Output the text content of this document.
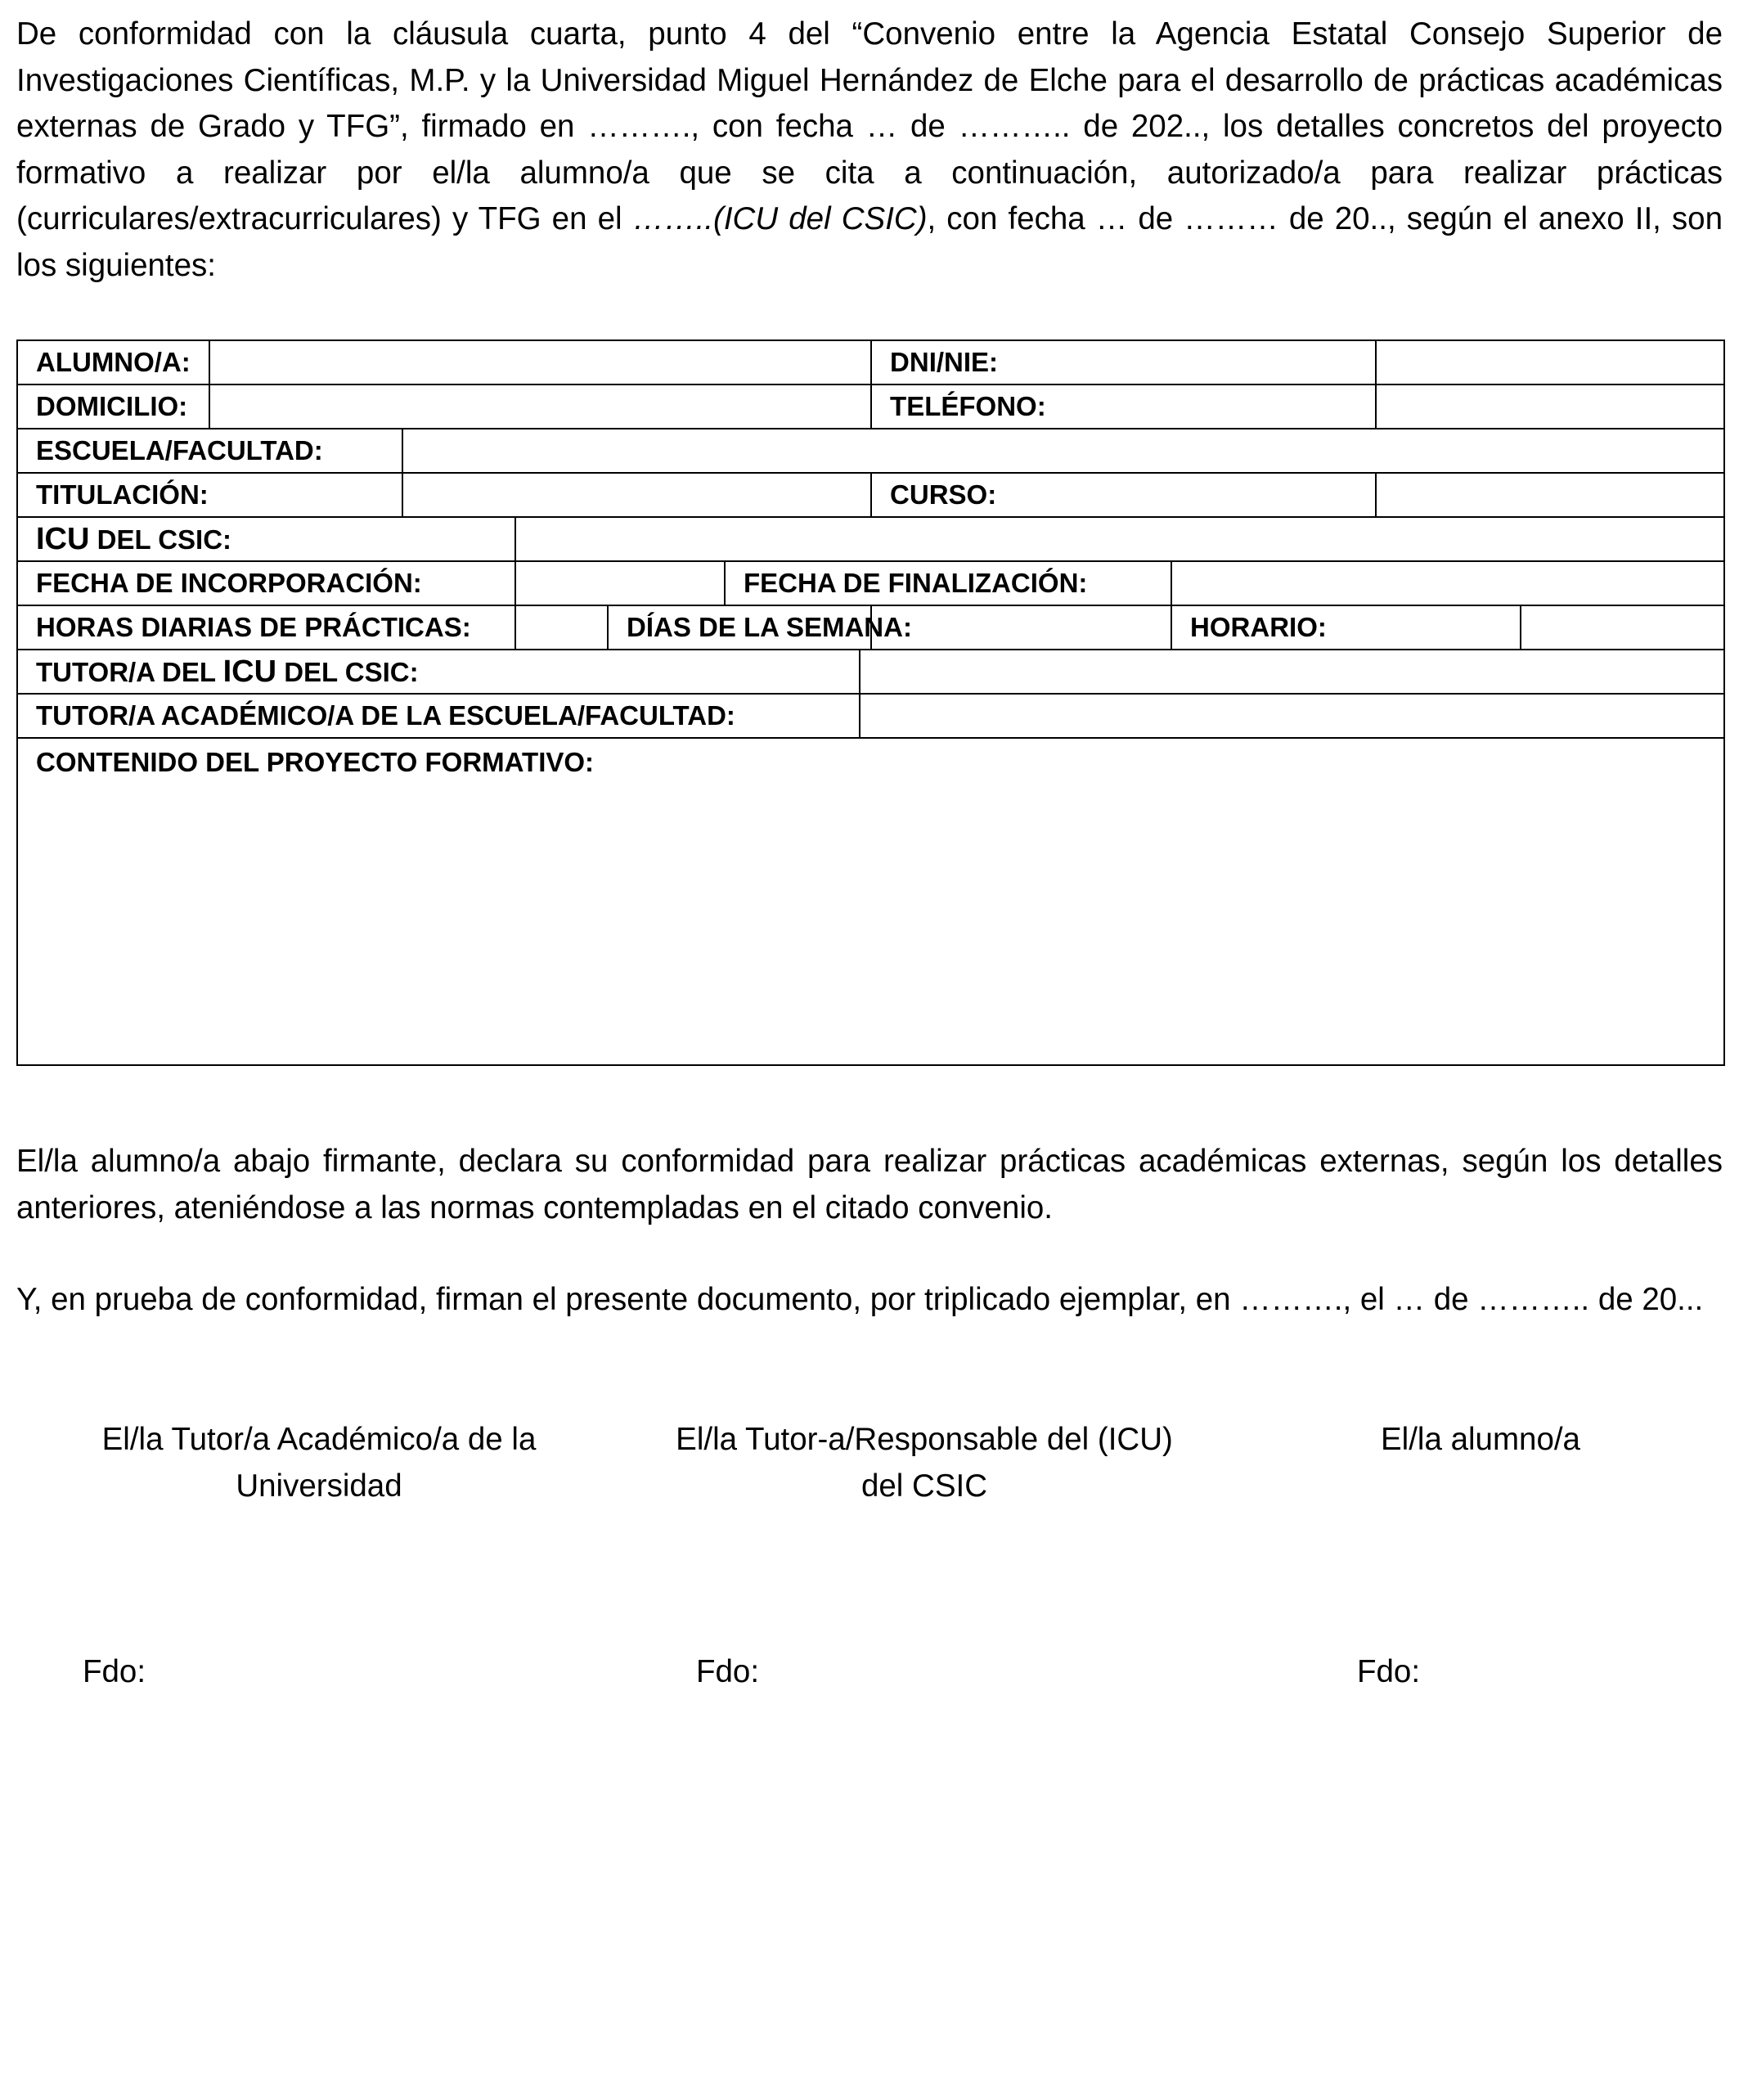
De conformidad con la cláusula cuarta, punto 4 del “Convenio entre la Agencia Estatal Consejo Superior de Investigaciones Científicas, M.P. y la Universidad Miguel Hernández de Elche para el desarrollo de prácticas académicas externas de Grado y TFG”, firmado en ………., con fecha … de ……….. de 202.., los detalles concretos del proyecto formativo a realizar por el/la alumno/a que se cita a continuación, autorizado/a para realizar prácticas (curriculares/extracurriculares) y TFG en el ……..(ICU del CSIC), con fecha … de ……… de 20.., según el anexo II, son los siguientes:

ALUMNO/A:							DNI/NIE:			
DOMICILIO:							TELÉFONO:			
ESCUELA/FACULTAD:										
TITULACIÓN:							CURSO:			
ICU DEL CSIC:										
FECHA DE INCORPORACIÓN:					FECHA DE FINALIZACIÓN:					
HORAS DIARIAS DE PRÁCTICAS:				DÍAS DE LA SEMANA:				HORARIO:		
TUTOR/A DEL ICU DEL CSIC:										
TUTOR/A ACADÉMICO/A DE LA ESCUELA/FACULTAD:										
CONTENIDO DEL PROYECTO FORMATIVO:										

El/la alumno/a abajo firmante, declara su conformidad para realizar prácticas académicas externas, según los detalles anteriores, ateniéndose a las normas contempladas en el citado convenio.

Y, en prueba de conformidad, firman el presente documento, por triplicado ejemplar, en ………., el … de ……….. de 20...

El/la Tutor/a Académico/a de la
Universidad
El/la Tutor-a/Responsable del (ICU)
del CSIC
El/la alumno/a
Fdo:	Fdo:	Fdo:
